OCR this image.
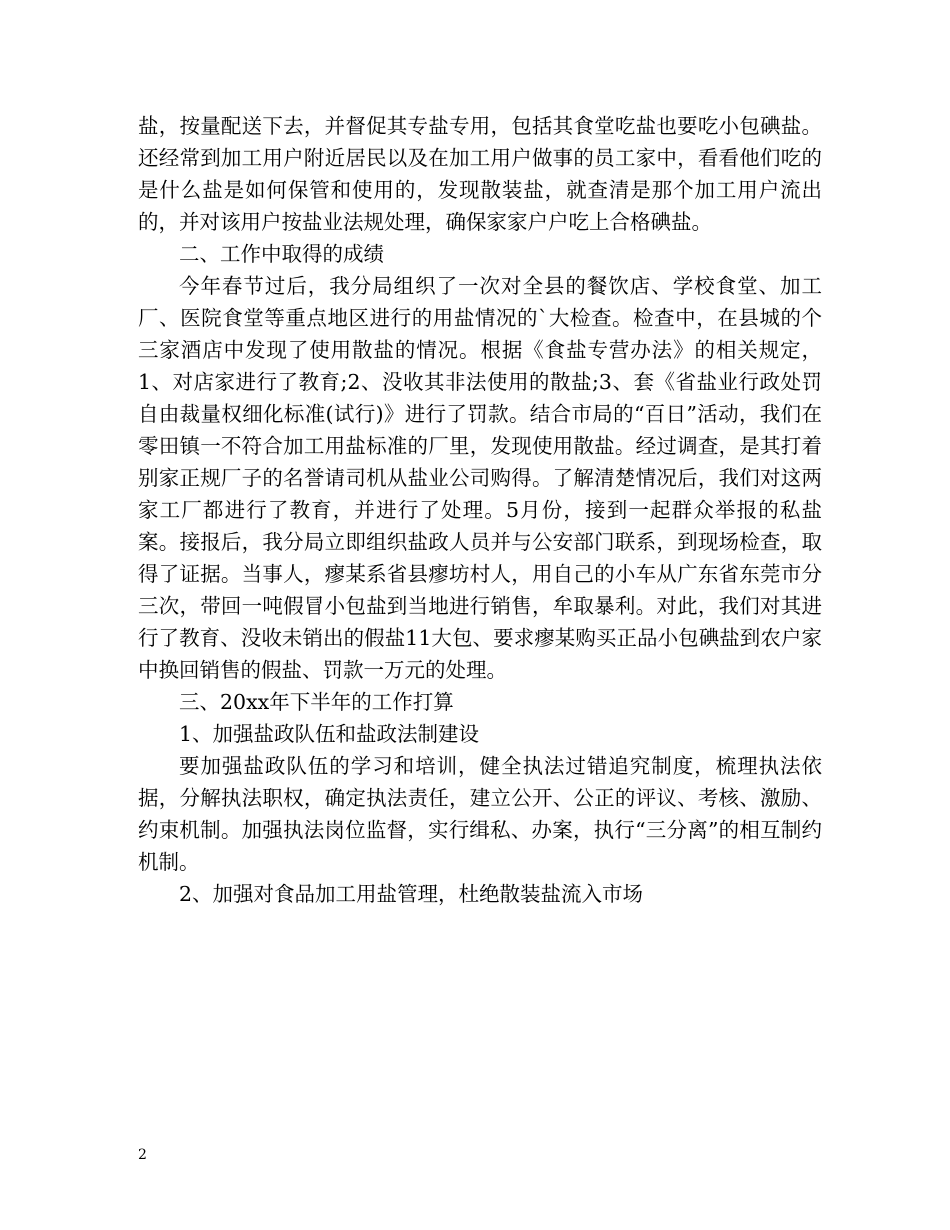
盐，按量配送下去，并督促其专盐专用，包括其食堂吃盐也要吃小包碘盐。还经常到加工用户附近居民以及在加工用户做事的员工家中，看看他们吃的是什么盐是如何保管和使用的，发现散装盐，就查清是那个加工用户流出的，并对该用户按盐业法规处理，确保家家户户吃上合格碘盐。

二、工作中取得的成绩

今年春节过后，我分局组织了一次对全县的餐饮店、学校食堂、加工厂、医院食堂等重点地区进行的用盐情况的`大检查。检查中，在县城的个三家酒店中发现了使用散盐的情况。根据《食盐专营办法》的相关规定，1、对店家进行了教育;2、没收其非法使用的散盐;3、套《省盐业行政处罚自由裁量权细化标准(试行)》进行了罚款。结合市局的“百日”活动，我们在零田镇一不符合加工用盐标准的厂里，发现使用散盐。经过调查，是其打着别家正规厂子的名誉请司机从盐业公司购得。了解清楚情况后，我们对这两家工厂都进行了教育，并进行了处理。5月份，接到一起群众举报的私盐案。接报后，我分局立即组织盐政人员并与公安部门联系，到现场检查，取得了证据。当事人，瘳某系省县瘳坊村人，用自己的小车从广东省东莞市分三次，带回一吨假冒小包盐到当地进行销售，牟取暴利。对此，我们对其进行了教育、没收未销出的假盐11大包、要求瘳某购买正品小包碘盐到农户家中换回销售的假盐、罚款一万元的处理。

三、20xx年下半年的工作打算

1、加强盐政队伍和盐政法制建设

要加强盐政队伍的学习和培训，健全执法过错追究制度，梳理执法依据，分解执法职权，确定执法责任，建立公开、公正的评议、考核、激励、约束机制。加强执法岗位监督，实行缉私、办案，执行“三分离”的相互制约机制。

2、加强对食品加工用盐管理，杜绝散装盐流入市场

2
